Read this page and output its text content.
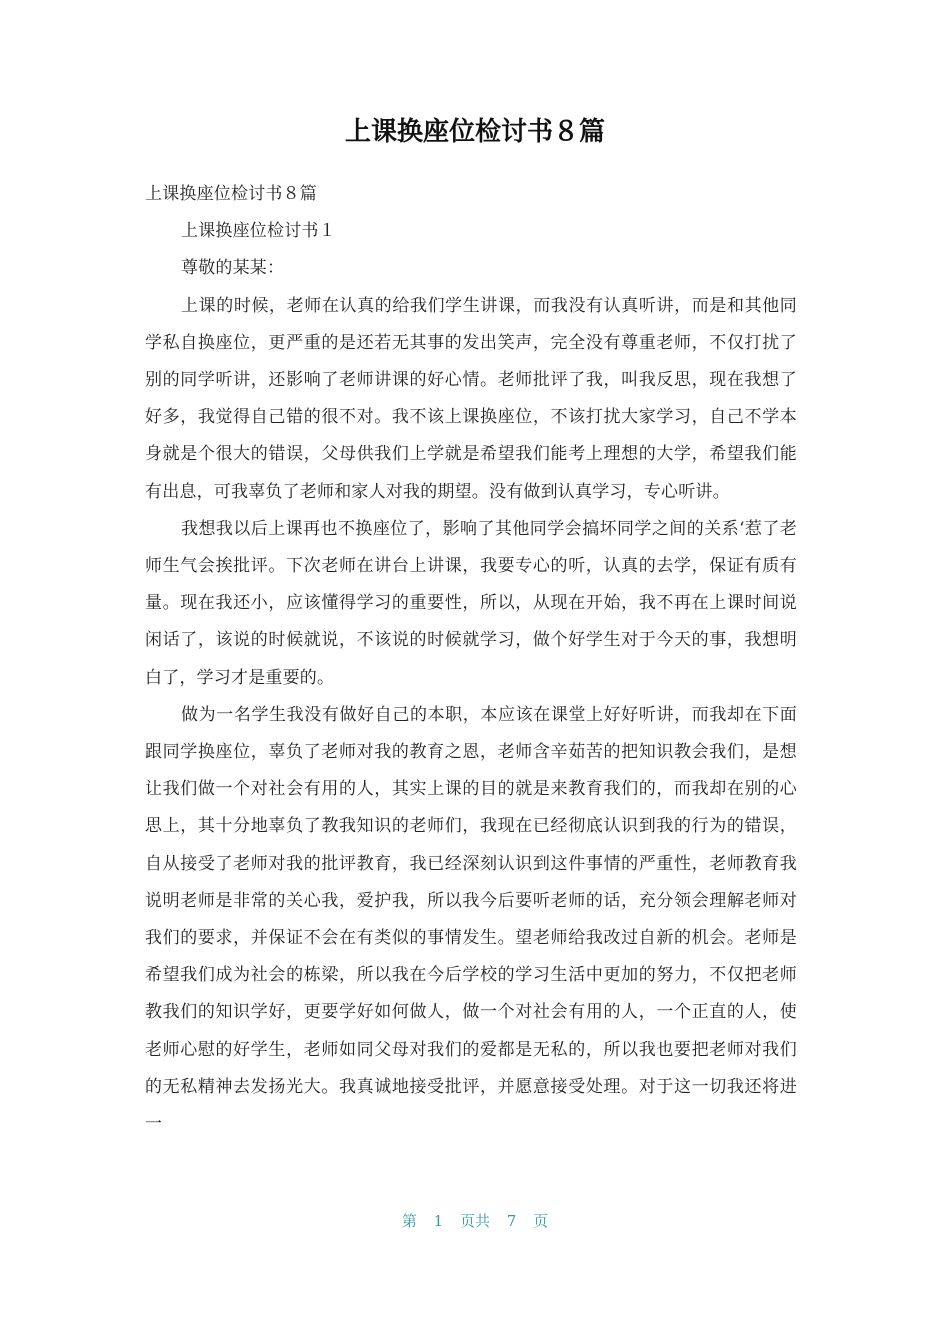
上课换座位检讨书８篇

上课换座位检讨书８篇

上课换座位检讨书１

尊敬的某某：

上课的时候，老师在认真的给我们学生讲课，而我没有认真听讲，而是和其他同学私自换座位，更严重的是还若无其事的发出笑声，完全没有尊重老师，不仅打扰了别的同学听讲，还影响了老师讲课的好心情。老师批评了我，叫我反思，现在我想了好多，我觉得自己错的很不对。我不该上课换座位，不该打扰大家学习，自己不学本身就是个很大的错误，父母供我们上学就是希望我们能考上理想的大学，希望我们能有出息，可我辜负了老师和家人对我的期望。没有做到认真学习，专心听讲。

我想我以后上课再也不换座位了，影响了其他同学会搞坏同学之间的关系‘惹了老师生气会挨批评。下次老师在讲台上讲课，我要专心的听，认真的去学，保证有质有量。现在我还小，应该懂得学习的重要性，所以，从现在开始，我不再在上课时间说闲话了，该说的时候就说，不该说的时候就学习，做个好学生对于今天的事，我想明白了，学习才是重要的。

做为一名学生我没有做好自己的本职，本应该在课堂上好好听讲，而我却在下面跟同学换座位，辜负了老师对我的教育之恩，老师含辛茹苦的把知识教会我们，是想让我们做一个对社会有用的人，其实上课的目的就是来教育我们的，而我却在别的心思上，其十分地辜负了教我知识的老师们，我现在已经彻底认识到我的行为的错误，自从接受了老师对我的批评教育，我已经深刻认识到这件事情的严重性，老师教育我说明老师是非常的关心我，爱护我，所以我今后要听老师的话，充分领会理解老师对我们的要求，并保证不会在有类似的事情发生。望老师给我改过自新的机会。老师是希望我们成为社会的栋梁，所以我在今后学校的学习生活中更加的努力，不仅把老师教我们的知识学好，更要学好如何做人，做一个对社会有用的人，一个正直的人，使老师心慰的好学生，老师如同父母对我们的爱都是无私的，所以我也要把老师对我们的无私精神去发扬光大。我真诚地接受批评，并愿意接受处理。对于这一切我还将进一

第 1 页共 7 页
